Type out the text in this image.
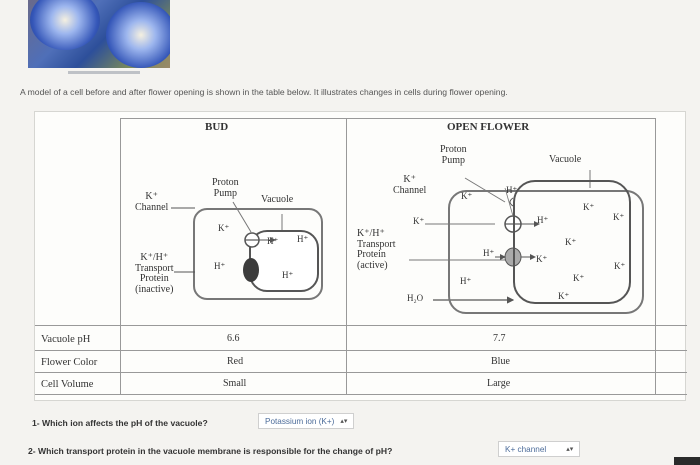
A model of a cell before and after flower opening is shown in the table below. It illustrates changes in cells during flower opening.
BUD	OPEN FLOWER
K⁺
Channel
K⁺/H⁺
Transport
Protein
(inactive)
Proton
Pump
Vacuole
K⁺
H⁺
H⁺ H⁺
H⁺
Proton
Pump	Vacuole
K⁺
Channel
K⁺/H⁺
Transport
Protein
(active)
H₂O
K⁺
K⁺
H⁺
H⁺
H⁺
H⁺
K⁺
K⁺
K⁺
K⁺
K⁺
K⁺
K⁺
Vacuole pH	6.6	7.7
Flower Color	Red	Blue
Cell Volume	Small	Large
1- Which ion affects the pH of the vacuole?	Potassium ion (K+) ▴▾
2- Which transport protein in the vacuole membrane is responsible for the change of pH?	K+ channel	▴▾
